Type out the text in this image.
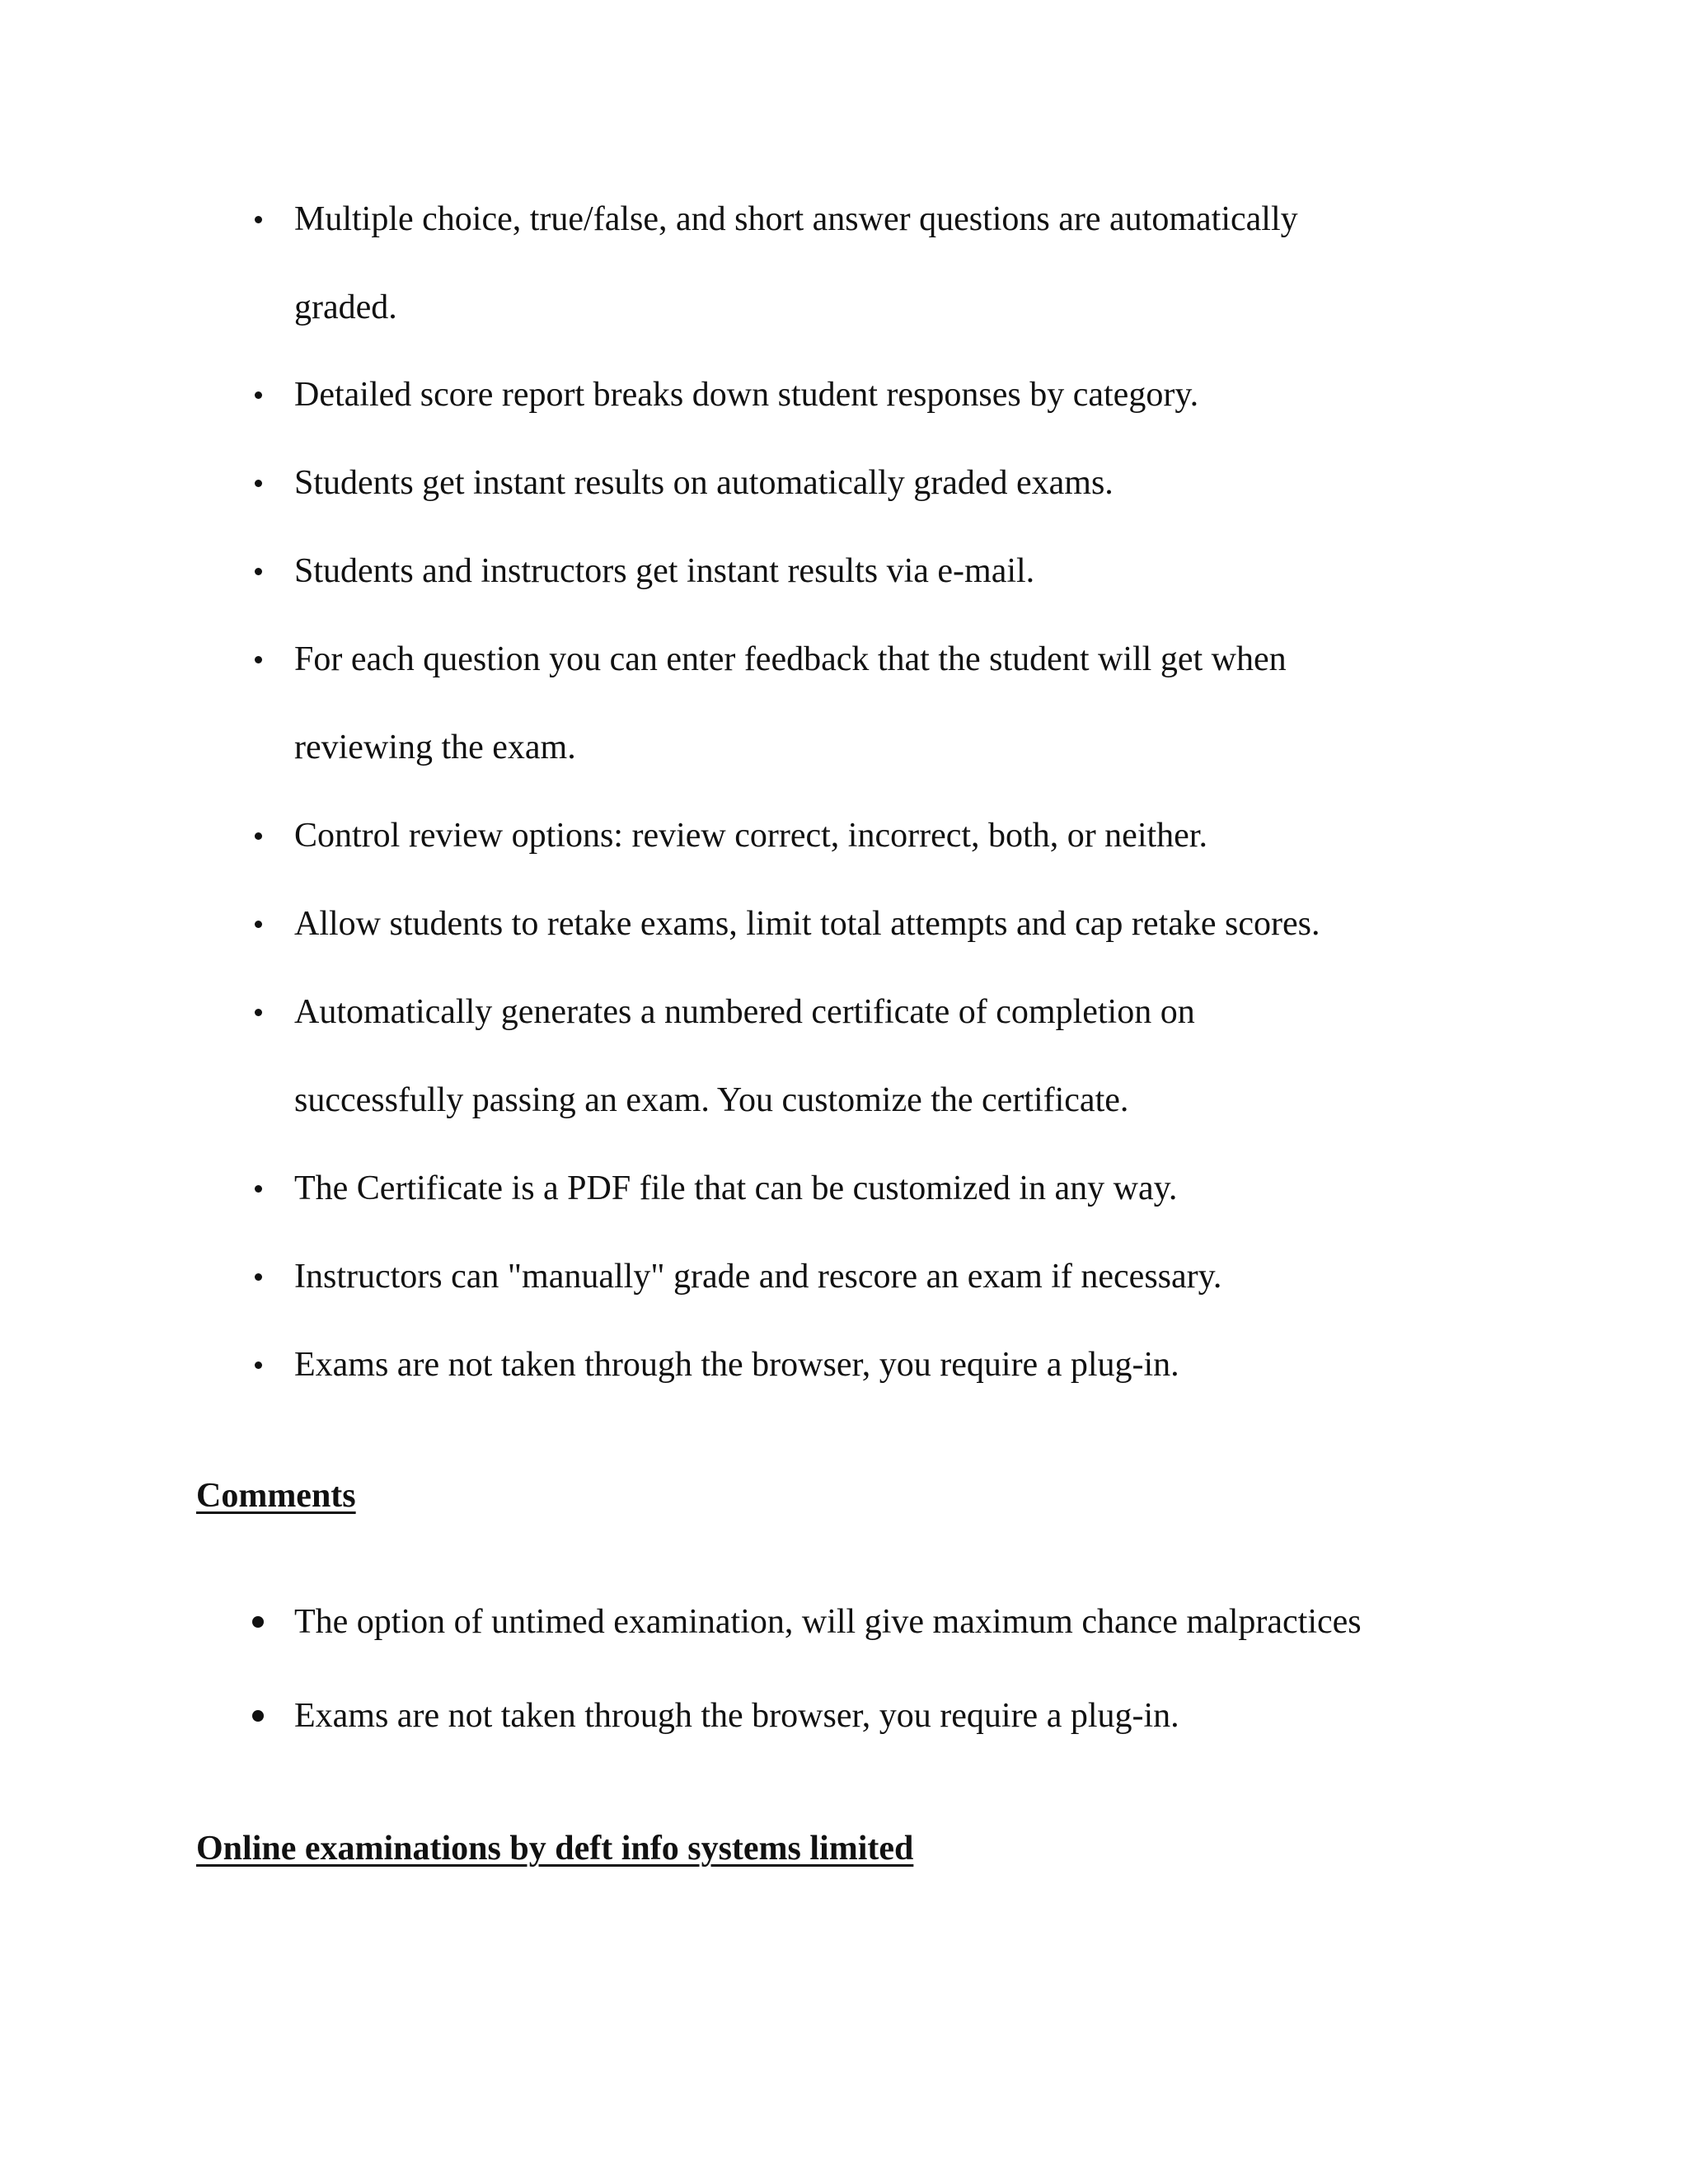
Multiple choice, true/false, and short answer questions are automatically
graded.
Detailed score report breaks down student responses by category.
Students get instant results on automatically graded exams.
Students and instructors get instant results via e-mail.
For each question you can enter feedback that the student will get when
reviewing the exam.
Control review options: review correct, incorrect, both, or neither.
Allow students to retake exams, limit total attempts and cap retake scores.
Automatically generates a numbered certificate of completion on
successfully passing an exam. You customize the certificate.
The Certificate is a PDF file that can be customized in any way.
Instructors can "manually" grade and rescore an exam if necessary.
Exams are not taken through the browser, you require a plug-in.
Comments
The option of untimed examination, will give maximum chance malpractices
Exams are not taken through the browser, you require a plug-in.
Online examinations by deft info systems limited
